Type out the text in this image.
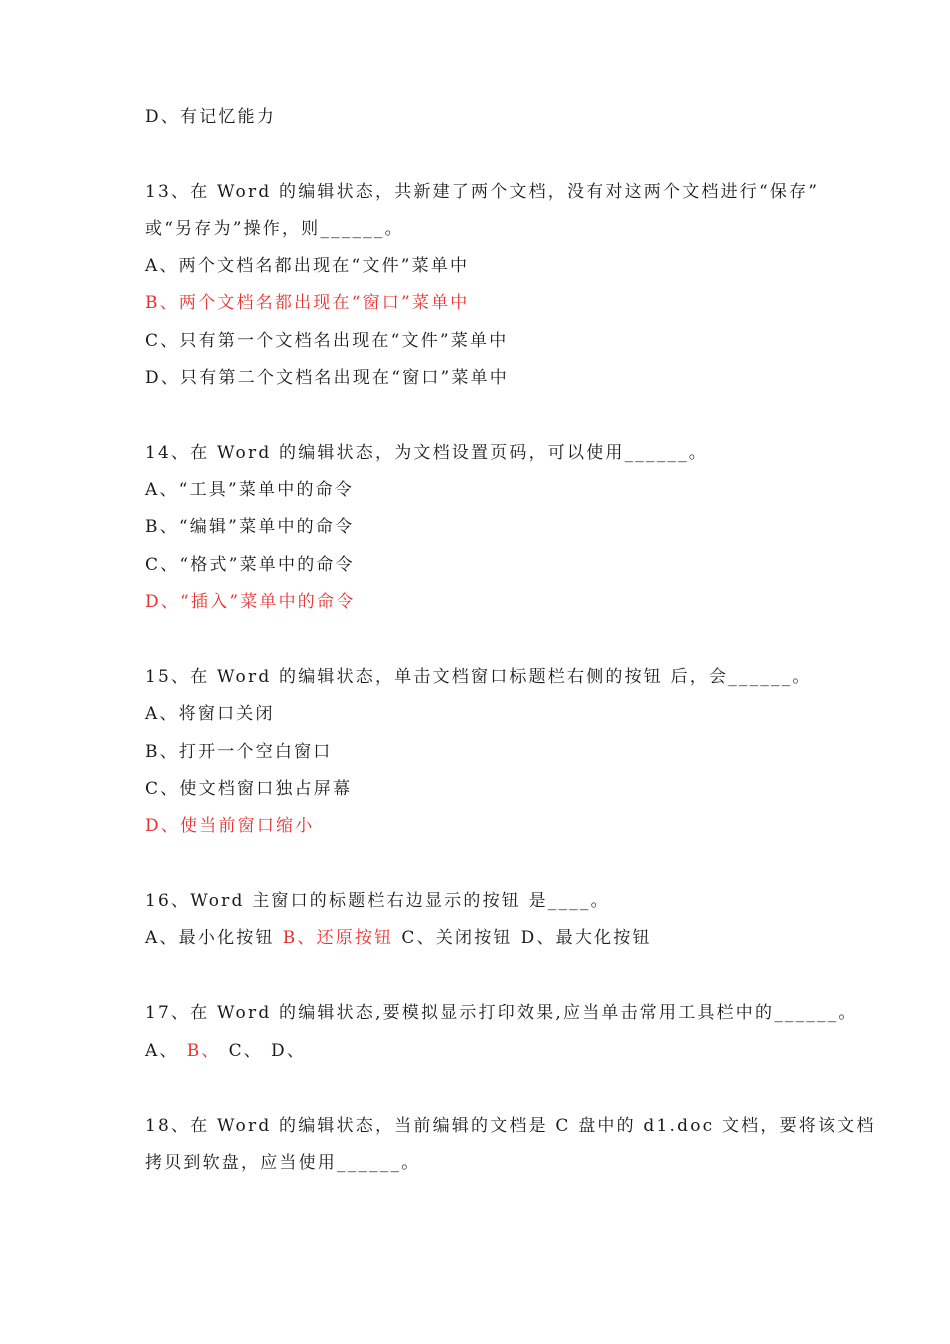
D、有记忆能力
13、在 Word 的编辑状态，共新建了两个文档，没有对这两个文档进行“保存”
或“另存为”操作，则______。
A、两个文档名都出现在“文件”菜单中
B、两个文档名都出现在“窗口”菜单中
C、只有第一个文档名出现在“文件”菜单中
D、只有第二个文档名出现在“窗口”菜单中
14、在 Word 的编辑状态，为文档设置页码，可以使用______。
A、“工具”菜单中的命令
B、“编辑”菜单中的命令
C、“格式”菜单中的命令
D、“插入”菜单中的命令
15、在 Word 的编辑状态，单击文档窗口标题栏右侧的按钮 后，会______。
A、将窗口关闭
B、打开一个空白窗口
C、使文档窗口独占屏幕
D、使当前窗口缩小
16、Word 主窗口的标题栏右边显示的按钮 是____。
A、最小化按钮 B、还原按钮 C、关闭按钮 D、最大化按钮
17、在 Word 的编辑状态,要模拟显示打印效果,应当单击常用工具栏中的______。
A、 B、 C、 D、
18、在 Word 的编辑状态，当前编辑的文档是 C 盘中的 d1.doc 文档，要将该文档
拷贝到软盘，应当使用______。
